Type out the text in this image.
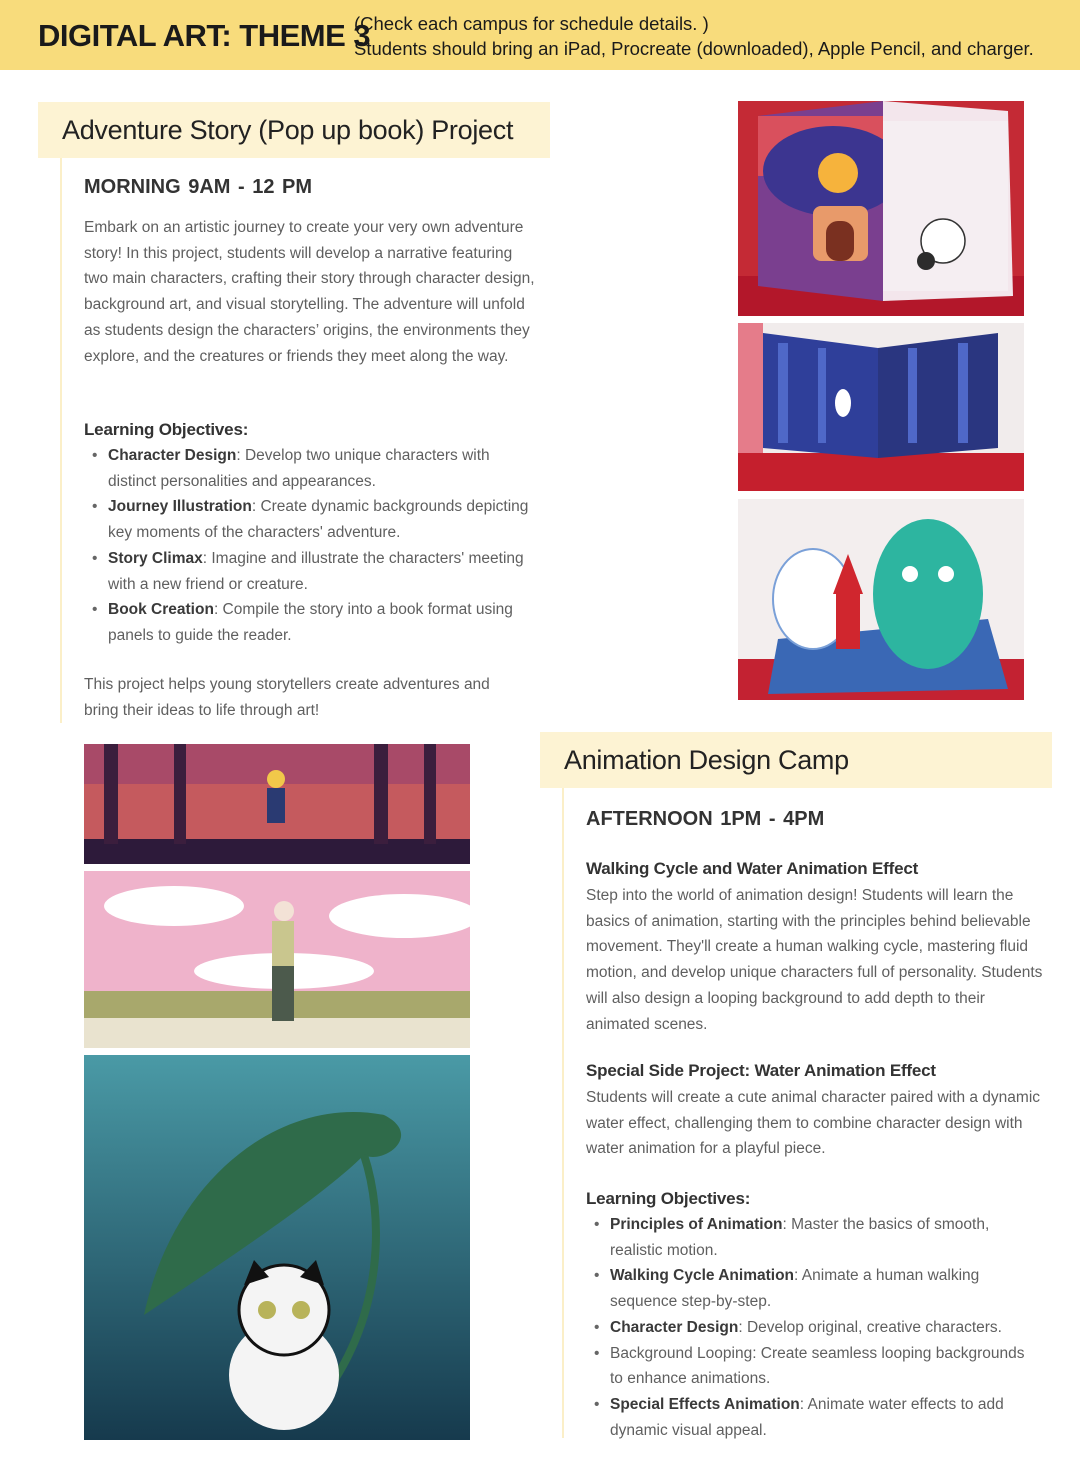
DIGITAL ART: THEME 3
(Check each campus for schedule details. )
Students should bring an iPad, Procreate (downloaded), Apple Pencil, and charger.
Adventure Story (Pop up book) Project
MORNING 9AM - 12 PM
Embark on an artistic journey to create your very own adventure story! In this project, students will develop a narrative featuring two main characters, crafting their story through character design, background art, and visual storytelling. The adventure will unfold as students design the characters’ origins, the environments they explore, and the creatures or friends they meet along the way.
Learning Objectives:
• Character Design: Develop two unique characters with distinct personalities and appearances.
• Journey Illustration: Create dynamic backgrounds depicting key moments of the characters' adventure.
• Story Climax: Imagine and illustrate the characters' meeting with a new friend or creature.
• Book Creation: Compile the story into a book format using panels to guide the reader.
This project helps young storytellers create adventures and bring their ideas to life through art!
Animation Design Camp
AFTERNOON 1PM - 4PM
Walking Cycle and Water Animation Effect
Step into the world of animation design! Students will learn the basics of animation, starting with the principles behind believable movement. They'll create a human walking cycle, mastering fluid motion, and develop unique characters full of personality. Students will also design a looping background to add depth to their animated scenes.
Special Side Project: Water Animation Effect
Students will create a cute animal character paired with a dynamic water effect, challenging them to combine character design with water animation for a playful piece.
Learning Objectives:
• Principles of Animation: Master the basics of smooth, realistic motion.
• Walking Cycle Animation: Animate a human walking sequence step-by-step.
• Character Design: Develop original, creative characters.
• Background Looping: Create seamless looping backgrounds to enhance animations.
• Special Effects Animation: Animate water effects to add dynamic visual appeal.
